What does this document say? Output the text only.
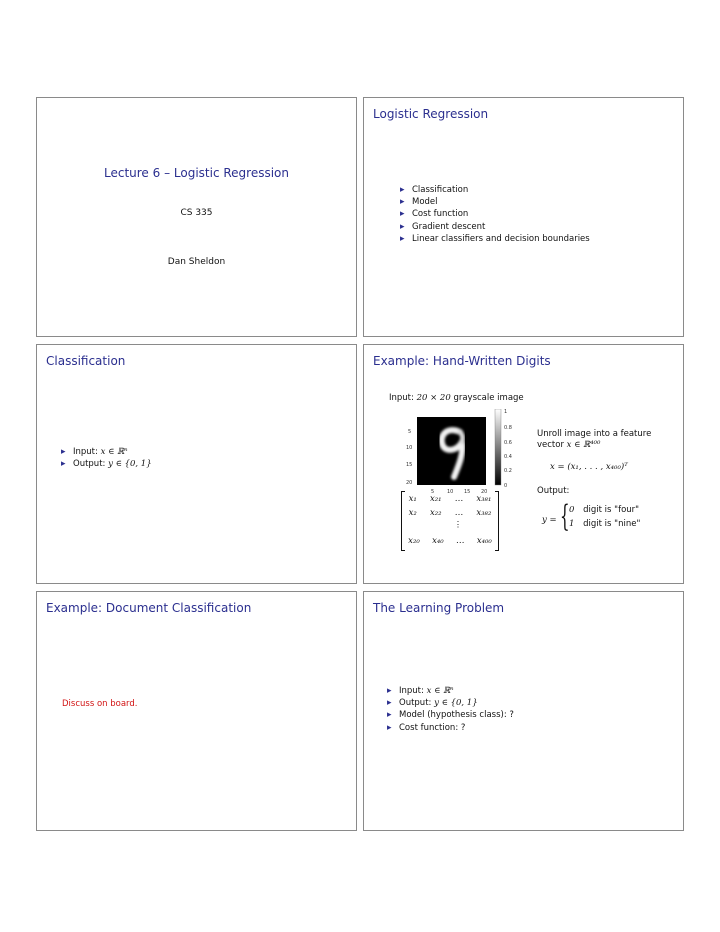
Lecture 6 – Logistic Regression
CS 335
Dan Sheldon
Logistic Regression
▸ Classification
▸ Model
▸ Cost function
▸ Gradient descent
▸ Linear classifiers and decision boundaries
Classification
▸ Input: x ∈ ℝⁿ
▸ Output: y ∈ {0, 1}
Example: Hand-Written Digits
Input: 20 × 20 grayscale image
5
10
15
20
5	10 15 20
1
0.8
0.6
0.4
0.2
0
Unroll image into a feature
vector x ∈ ℝ⁴⁰⁰
x = (x₁, . . . , x₄₀₀)ᵀ
Output:
y = { 0 digit is "four"
1 digit is "nine"
x₁ x₂₁ … x₃₈₁
x₂ x₂₂ … x₃₈₂
⋮
x₂₀ x₄₀ … x₄₀₀
Example: Document Classification
Discuss on board.
The Learning Problem
▸ Input: x ∈ ℝⁿ
▸ Output: y ∈ {0, 1}
▸ Model (hypothesis class): ?
▸ Cost function: ?
